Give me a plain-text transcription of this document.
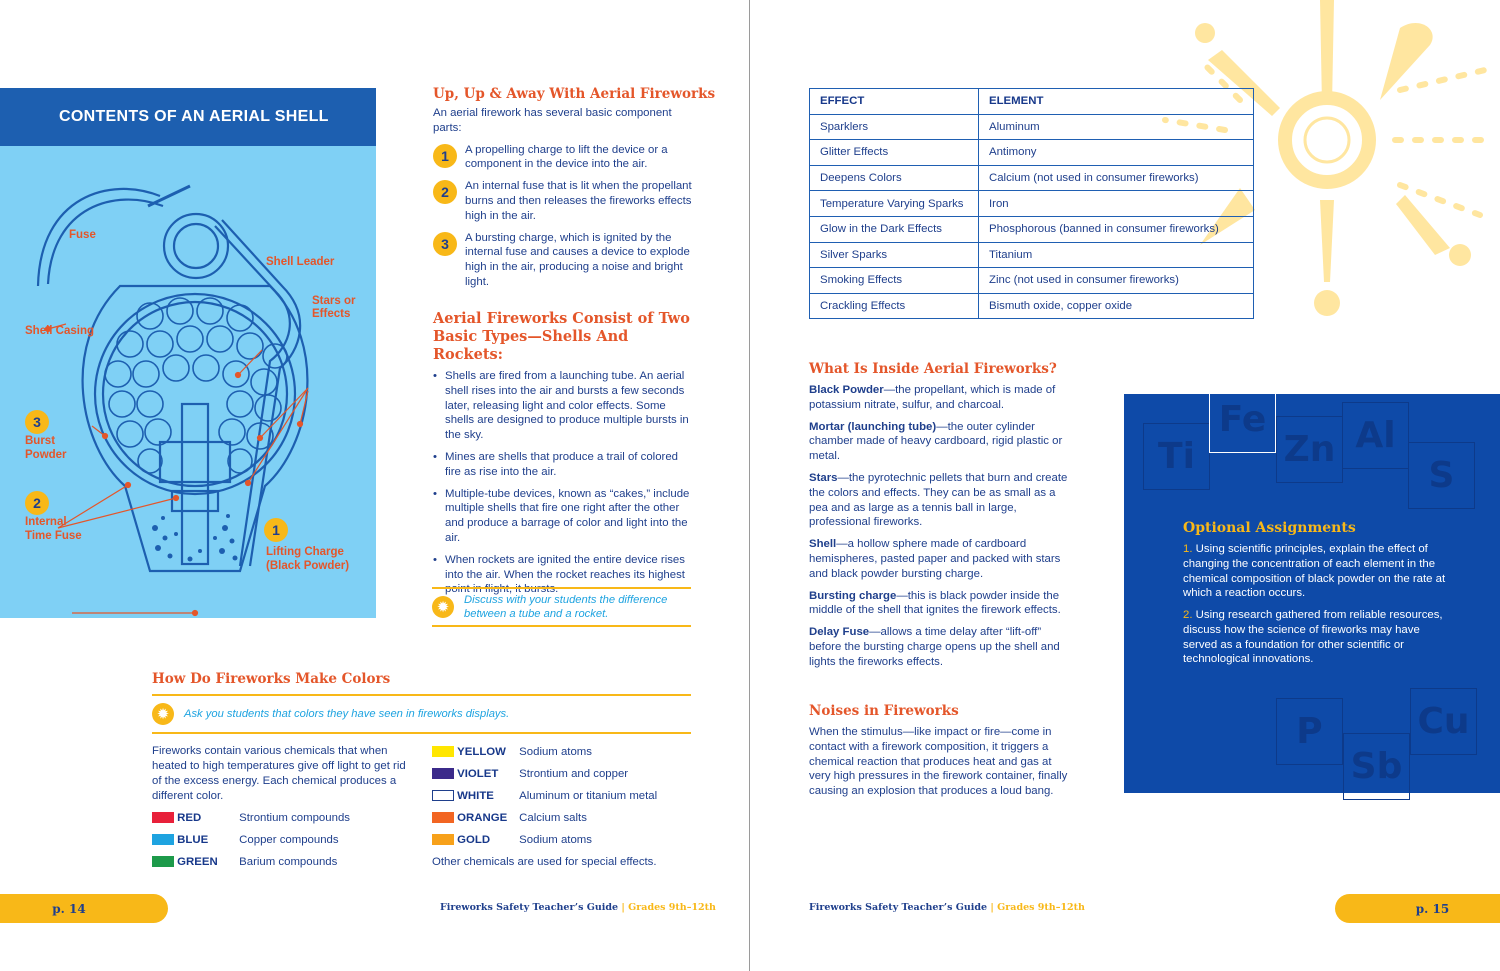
CONTENTS OF AN AERIAL SHELL
Fuse
Shell Leader
Stars or Effects
Shell Casing
3
Burst Powder
2
Internal Time Fuse	1
Lifting Charge (Black Powder)
Up, Up & Away With Aerial Fireworks

An aerial firework has several basic component parts:

1	A propelling charge to lift the device or a component in the device into the air.

2	An internal fuse that is lit when the propellant burns and then releases the fireworks effects high in the air.

3	A bursting charge, which is ignited by the internal fuse and causes a device to explode high in the air, producing a noise and bright light.

Aerial Fireworks Consist of Two Basic Types—Shells And Rockets:
• Shells are fired from a launching tube. An aerial shell rises into the air and bursts a few seconds later, releasing light and color effects. Some shells are designed to produce multiple bursts in the sky.
• Mines are shells that produce a trail of colored fire as rise into the air.
• Multiple-tube devices, known as “cakes,” include multiple shells that fire one right after the other and produce a barrage of color and light into the air.
• When rockets are ignited the entire device rises into the air. When the rocket reaches its highest point in flight, it bursts.
✹	Discuss with your students the difference between a tube and a rocket.
How Do Fireworks Make Colors
✹	Ask you students that colors they have seen in fireworks displays.

Fireworks contain various chemicals that when heated to high temperatures give off light to get rid of the excess energy. Each chemical produces a different color.

RED	Strontium compounds
BLUE	Copper compounds
GREEN Barium compounds
YELLOW Sodium atoms
VIOLET Strontium and copper
WHITE Aluminum or titanium metal
ORANGE Calcium salts
GOLD	Sodium atoms

Other chemicals are used for special effects.

p. 14	Fireworks Safety Teacher’s Guide | Grades 9th–12th
EFFECT	ELEMENT
Sparklers	Aluminum
Glitter Effects	Antimony
Deepens Colors	Calcium (not used in consumer fireworks)
Temperature Varying Sparks	Iron
Glow in the Dark Effects	Phosphorous (banned in consumer fireworks)
Silver Sparks	Titanium
Smoking Effects	Zinc (not used in consumer fireworks)
Crackling Effects	Bismuth oxide, copper oxide
What Is Inside Aerial Fireworks?

Black Powder—the propellant, which is made of potassium nitrate, sulfur, and charcoal.

Mortar (launching tube)—the outer cylinder chamber made of heavy cardboard, rigid plastic or metal.

Stars—the pyrotechnic pellets that burn and create the colors and effects. They can be as small as a pea and as large as a tennis ball in large, professional fireworks.

Shell—a hollow sphere made of cardboard hemispheres, pasted paper and packed with stars and black powder bursting charge.

Bursting charge—this is black powder inside the middle of the shell that ignites the firework effects.

Delay Fuse—allows a time delay after “lift-off” before the bursting charge opens up the shell and lights the fireworks effects.

Noises in Fireworks

When the stimulus—like impact or fire—come in contact with a firework composition, it triggers a chemical reaction that produces heat and gas at very high pressures in the firework container, finally causing an explosion that produces a loud bang.

Ti
Fe
Zn Al
S
Optional Assignments

1. Using scientific principles, explain the effect of changing the concentration of each element in the chemical composition of black powder on the rate at which a reaction occurs.

2. Using research gathered from reliable resources, discuss how the science of fireworks may have served as a foundation for other scientific or technological innovations.

P	Cu
Sb
Fireworks Safety Teacher’s Guide | Grades 9th–12th	p. 15
